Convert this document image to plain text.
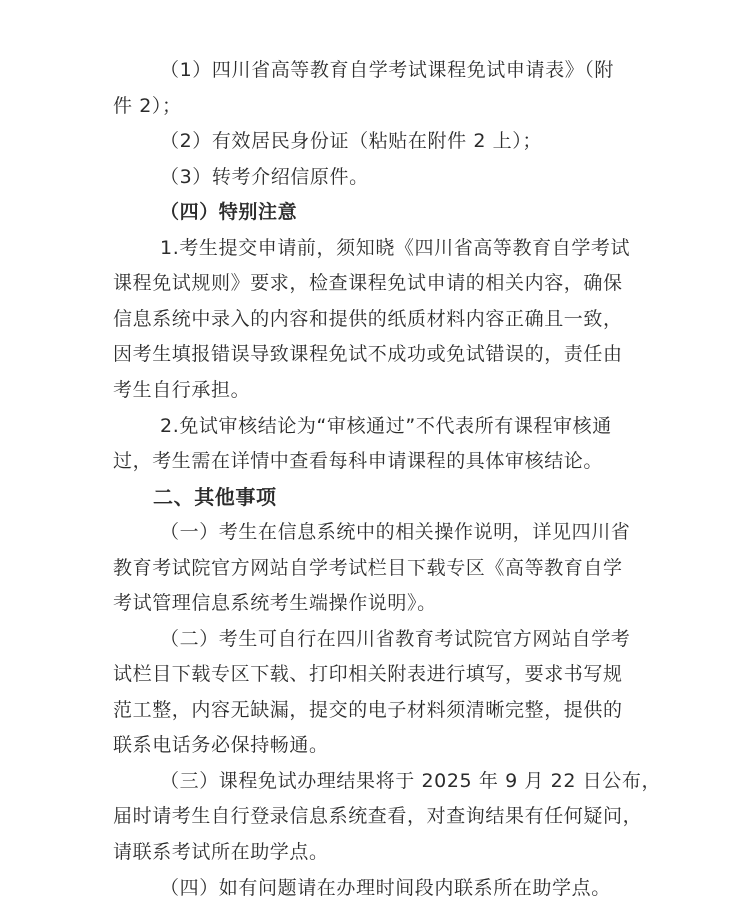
（1）四川省高等教育自学考试课程免试申请表》（附
件 2）；
（2）有效居民身份证（粘贴在附件 2 上）；
（3）转考介绍信原件。
（四）特别注意
1.考生提交申请前，须知晓《四川省高等教育自学考试
课程免试规则》要求，检查课程免试申请的相关内容，确保
信息系统中录入的内容和提供的纸质材料内容正确且一致，
因考生填报错误导致课程免试不成功或免试错误的，责任由
考生自行承担。
2.免试审核结论为“审核通过”不代表所有课程审核通
过，考生需在详情中查看每科申请课程的具体审核结论。
二、其他事项
（一）考生在信息系统中的相关操作说明，详见四川省
教育考试院官方网站自学考试栏目下载专区《高等教育自学
考试管理信息系统考生端操作说明》。
（二）考生可自行在四川省教育考试院官方网站自学考
试栏目下载专区下载、打印相关附表进行填写，要求书写规
范工整，内容无缺漏，提交的电子材料须清晰完整，提供的
联系电话务必保持畅通。
（三）课程免试办理结果将于 2025 年 9 月 22 日公布，
届时请考生自行登录信息系统查看，对查询结果有任何疑问，
请联系考试所在助学点。
（四）如有问题请在办理时间段内联系所在助学点。
